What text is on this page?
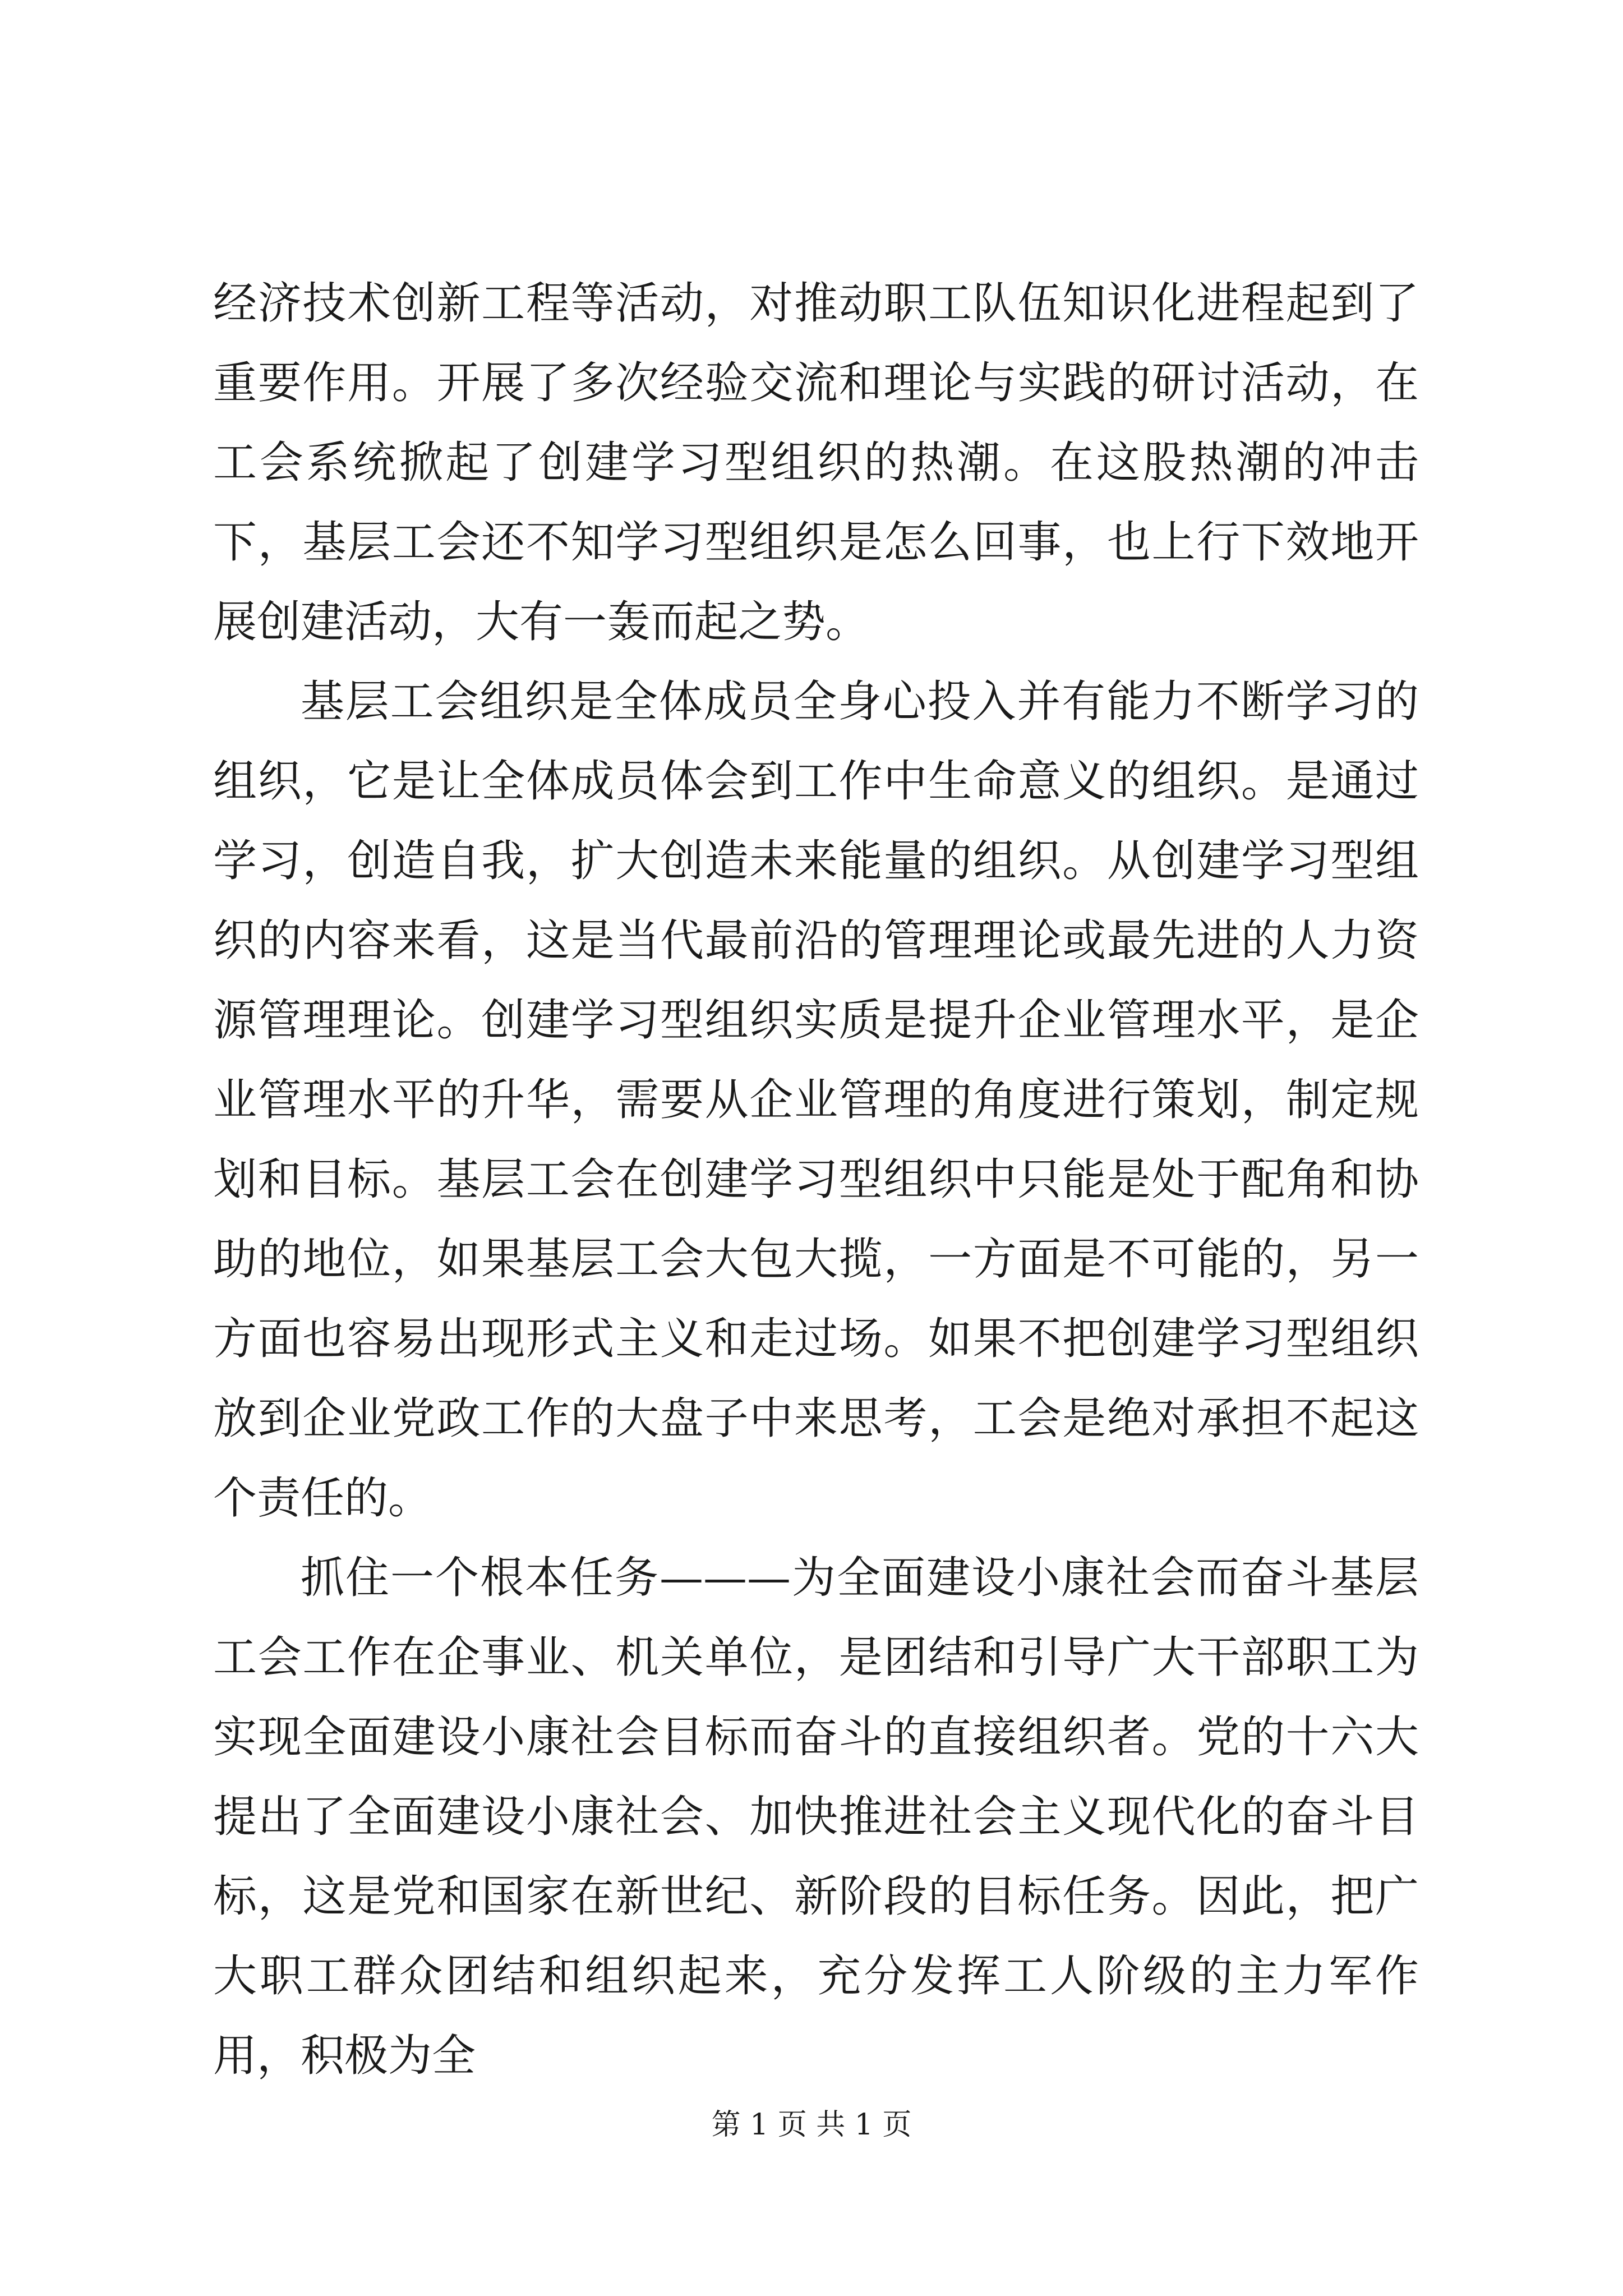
经济技术创新工程等活动，对推动职工队伍知识化进程起到了重要作用。开展了多次经验交流和理论与实践的研讨活动，在工会系统掀起了创建学习型组织的热潮。在这股热潮的冲击下，基层工会还不知学习型组织是怎么回事，也上行下效地开展创建活动，大有一轰而起之势。

基层工会组织是全体成员全身心投入并有能力不断学习的组织，它是让全体成员体会到工作中生命意义的组织。是通过学习，创造自我，扩大创造未来能量的组织。从创建学习型组织的内容来看，这是当代最前沿的管理理论或最先进的人力资源管理理论。创建学习型组织实质是提升企业管理水平，是企业管理水平的升华，需要从企业管理的角度进行策划，制定规划和目标。基层工会在创建学习型组织中只能是处于配角和协助的地位，如果基层工会大包大揽，一方面是不可能的，另一方面也容易出现形式主义和走过场。如果不把创建学习型组织放到企业党政工作的大盘子中来思考，工会是绝对承担不起这个责任的。

抓住一个根本任务———为全面建设小康社会而奋斗基层工会工作在企事业、机关单位，是团结和引导广大干部职工为实现全面建设小康社会目标而奋斗的直接组织者。党的十六大提出了全面建设小康社会、加快推进社会主义现代化的奋斗目标，这是党和国家在新世纪、新阶段的目标任务。因此，把广大职工群众团结和组织起来，充分发挥工人阶级的主力军作用，积极为全

第 1 页 共 1 页
